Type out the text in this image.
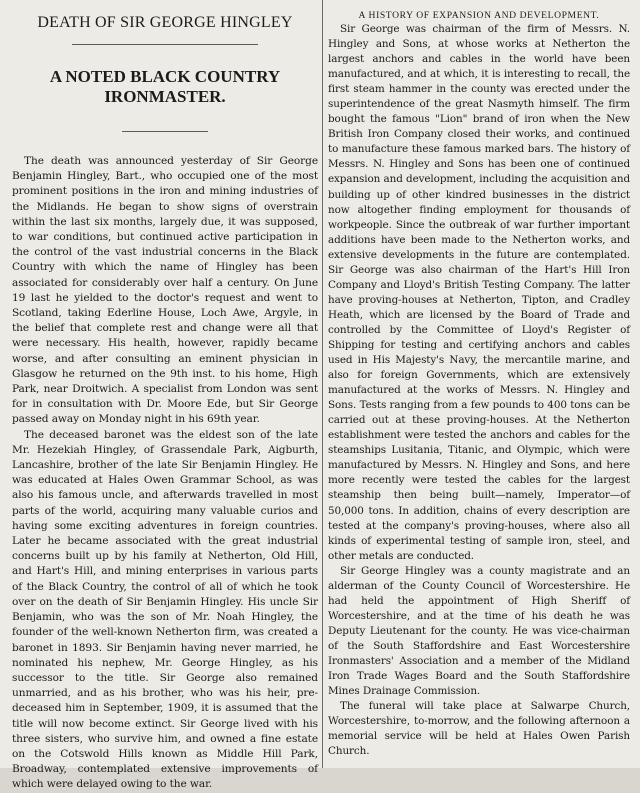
DEATH OF SIR GEORGE HINGLEY
A NOTED BLACK COUNTRY IRONMASTER.

The death was announced yesterday of Sir George Benjamin Hingley, Bart., who occupied one of the most prominent positions in the iron and mining industries of the Midlands. He began to show signs of overstrain within the last six months, largely due, it was supposed, to war conditions, but continued active participation in the control of the vast industrial concerns in the Black Country with which the name of Hingley has been associated for considerably over half a century. On June 19 last he yielded to the doctor's request and went to Scotland, taking Ederline House, Loch Awe, Argyle, in the belief that complete rest and change were all that were necessary. His health, however, rapidly became worse, and after consulting an eminent physician in Glasgow he returned on the 9th inst. to his home, High Park, near Droitwich. A specialist from London was sent for in consultation with Dr. Moore Ede, but Sir George passed away on Monday night in his 69th year.

The deceased baronet was the eldest son of the late Mr. Hezekiah Hingley, of Grassendale Park, Aigburth, Lancashire, brother of the late Sir Benjamin Hingley. He was educated at Hales Owen Grammar School, as was also his famous uncle, and afterwards travelled in most parts of the world, acquiring many valuable curios and having some exciting adventures in foreign countries. Later he became associated with the great industrial concerns built up by his family at Netherton, Old Hill, and Hart's Hill, and mining enterprises in various parts of the Black Country, the control of all of which he took over on the death of Sir Benjamin Hingley. His uncle Sir Benjamin, who was the son of Mr. Noah Hingley, the founder of the well-known Netherton firm, was created a baronet in 1893. Sir Benjamin having never married, he nominated his nephew, Mr. George Hingley, as his successor to the title. Sir George also remained unmarried, and as his brother, who was his heir, pre-deceased him in September, 1909, it is assumed that the title will now become extinct. Sir George lived with his three sisters, who survive him, and owned a fine estate on the Cotswold Hills known as Middle Hill Park, Broadway, contemplated extensive improvements of which were delayed owing to the war.

A HISTORY OF EXPANSION AND DEVELOPMENT.

Sir George was chairman of the firm of Messrs. N. Hingley and Sons, at whose works at Netherton the largest anchors and cables in the world have been manufactured, and at which, it is interesting to recall, the first steam hammer in the county was erected under the superintendence of the great Nasmyth himself. The firm bought the famous "Lion" brand of iron when the New British Iron Company closed their works, and continued to manufacture these famous marked bars. The history of Messrs. N. Hingley and Sons has been one of continued expansion and development, including the acquisition and building up of other kindred businesses in the district now altogether finding employment for thousands of workpeople. Since the outbreak of war further important additions have been made to the Netherton works, and extensive developments in the future are contemplated. Sir George was also chairman of the Hart's Hill Iron Company and Lloyd's British Testing Company. The latter have proving-houses at Netherton, Tipton, and Cradley Heath, which are licensed by the Board of Trade and controlled by the Committee of Lloyd's Register of Shipping for testing and certifying anchors and cables used in His Majesty's Navy, the mercantile marine, and also for foreign Governments, which are extensively manufactured at the works of Messrs. N. Hingley and Sons. Tests ranging from a few pounds to 400 tons can be carried out at these proving-houses. At the Netherton establishment were tested the anchors and cables for the steamships Lusitania, Titanic, and Olympic, which were manufactured by Messrs. N. Hingley and Sons, and here more recently were tested the cables for the largest steamship then being built—namely, Imperator—of 50,000 tons. In addition, chains of every description are tested at the company's proving-houses, where also all kinds of experimental testing of sample iron, steel, and other metals are conducted.

Sir George Hingley was a county magistrate and an alderman of the County Council of Worcestershire. He had held the appointment of High Sheriff of Worcestershire, and at the time of his death he was Deputy Lieutenant for the county. He was vice-chairman of the South Staffordshire and East Worcestershire Ironmasters' Association and a member of the Midland Iron Trade Wages Board and the South Staffordshire Mines Drainage Commission.

The funeral will take place at Salwarpe Church, Worcestershire, to-morrow, and the following afternoon a memorial service will be held at Hales Owen Parish Church.
